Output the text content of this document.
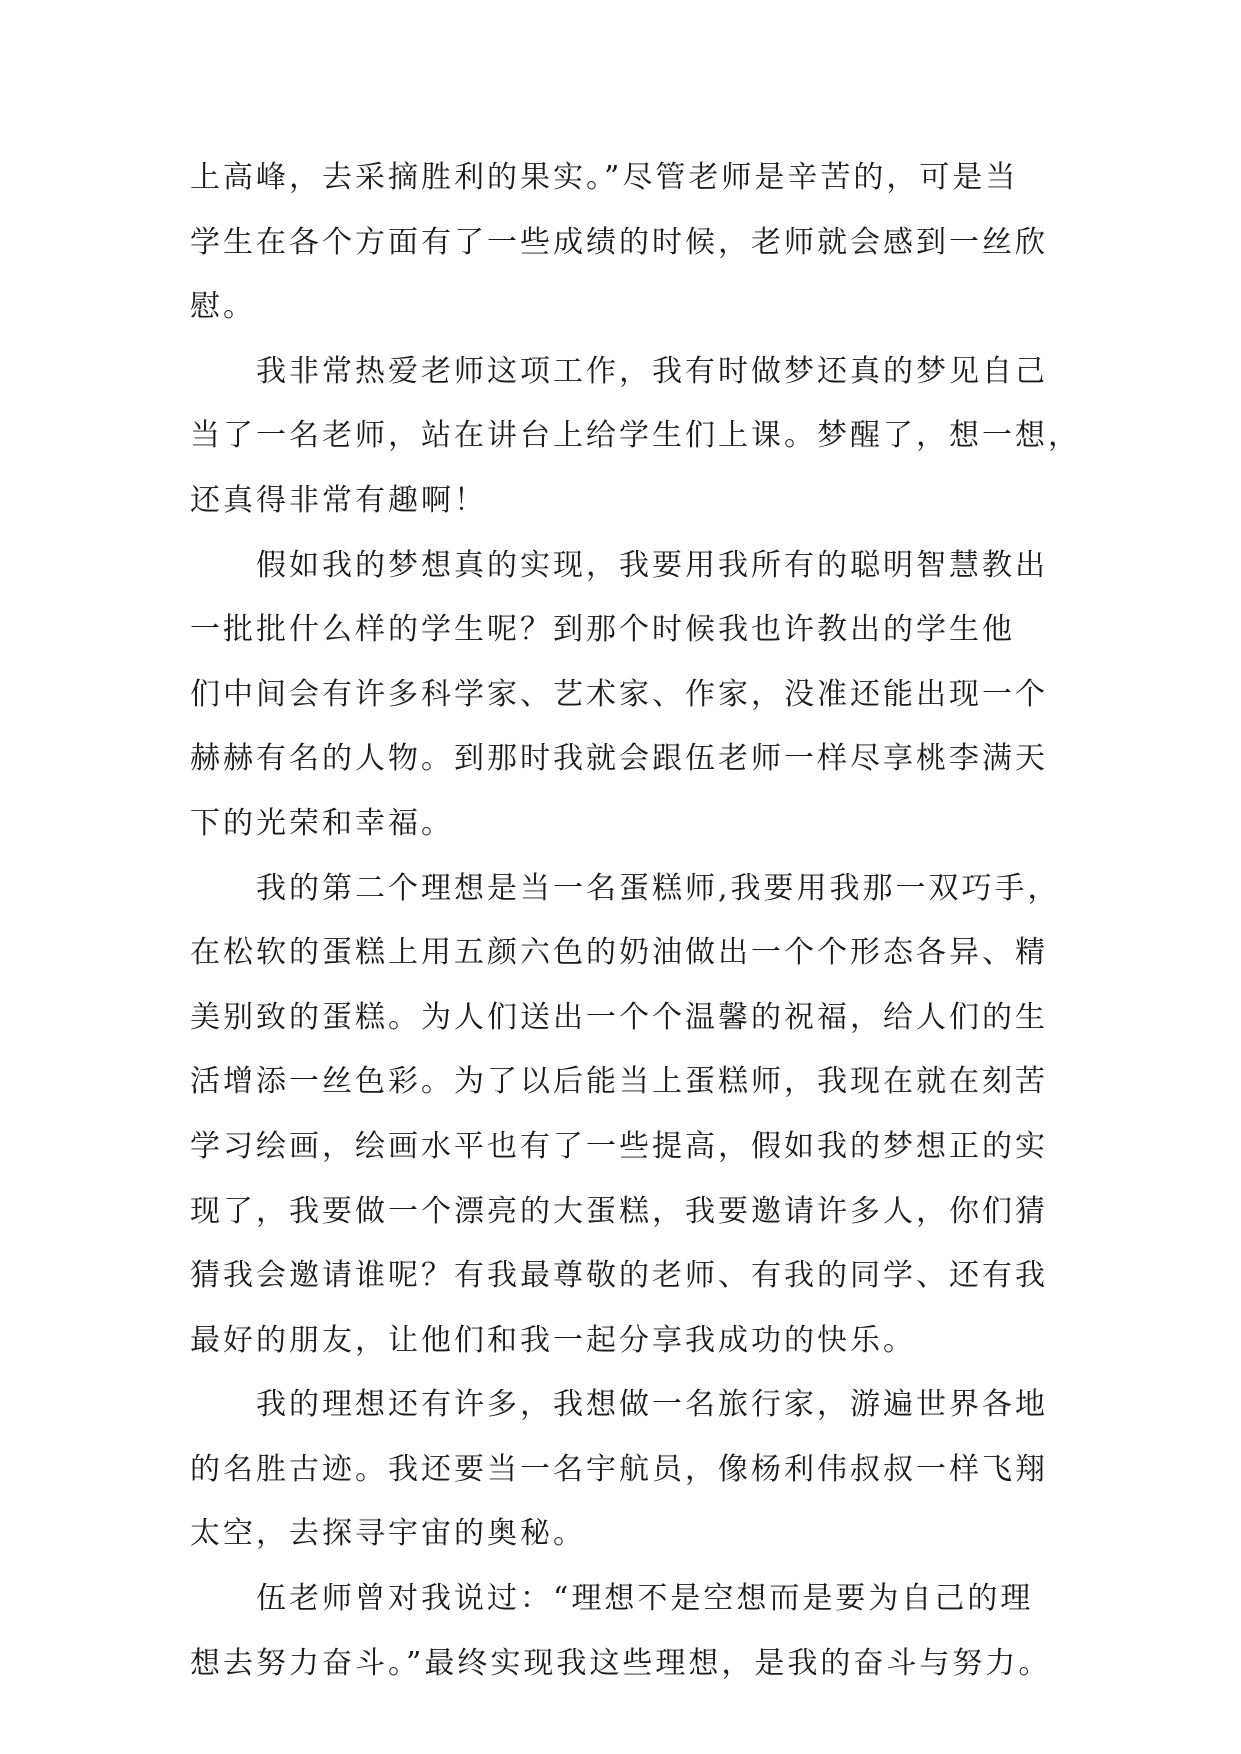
上高峰，去采摘胜利的果实。”尽管老师是辛苦的，可是当
学生在各个方面有了一些成绩的时候，老师就会感到一丝欣
慰。
我非常热爱老师这项工作，我有时做梦还真的梦见自己
当了一名老师，站在讲台上给学生们上课。梦醒了，想一想，
还真得非常有趣啊！
假如我的梦想真的实现，我要用我所有的聪明智慧教出
一批批什么样的学生呢？到那个时候我也许教出的学生他
们中间会有许多科学家、艺术家、作家，没准还能出现一个
赫赫有名的人物。到那时我就会跟伍老师一样尽享桃李满天
下的光荣和幸福。
我的第二个理想是当一名蛋糕师,我要用我那一双巧手，
在松软的蛋糕上用五颜六色的奶油做出一个个形态各异、精
美别致的蛋糕。为人们送出一个个温馨的祝福，给人们的生
活增添一丝色彩。为了以后能当上蛋糕师，我现在就在刻苦
学习绘画，绘画水平也有了一些提高，假如我的梦想正的实
现了，我要做一个漂亮的大蛋糕，我要邀请许多人，你们猜
猜我会邀请谁呢？有我最尊敬的老师、有我的同学、还有我
最好的朋友，让他们和我一起分享我成功的快乐。
我的理想还有许多，我想做一名旅行家，游遍世界各地
的名胜古迹。我还要当一名宇航员，像杨利伟叔叔一样飞翔
太空，去探寻宇宙的奥秘。
伍老师曾对我说过：“理想不是空想而是要为自己的理
想去努力奋斗。”最终实现我这些理想，是我的奋斗与努力。
